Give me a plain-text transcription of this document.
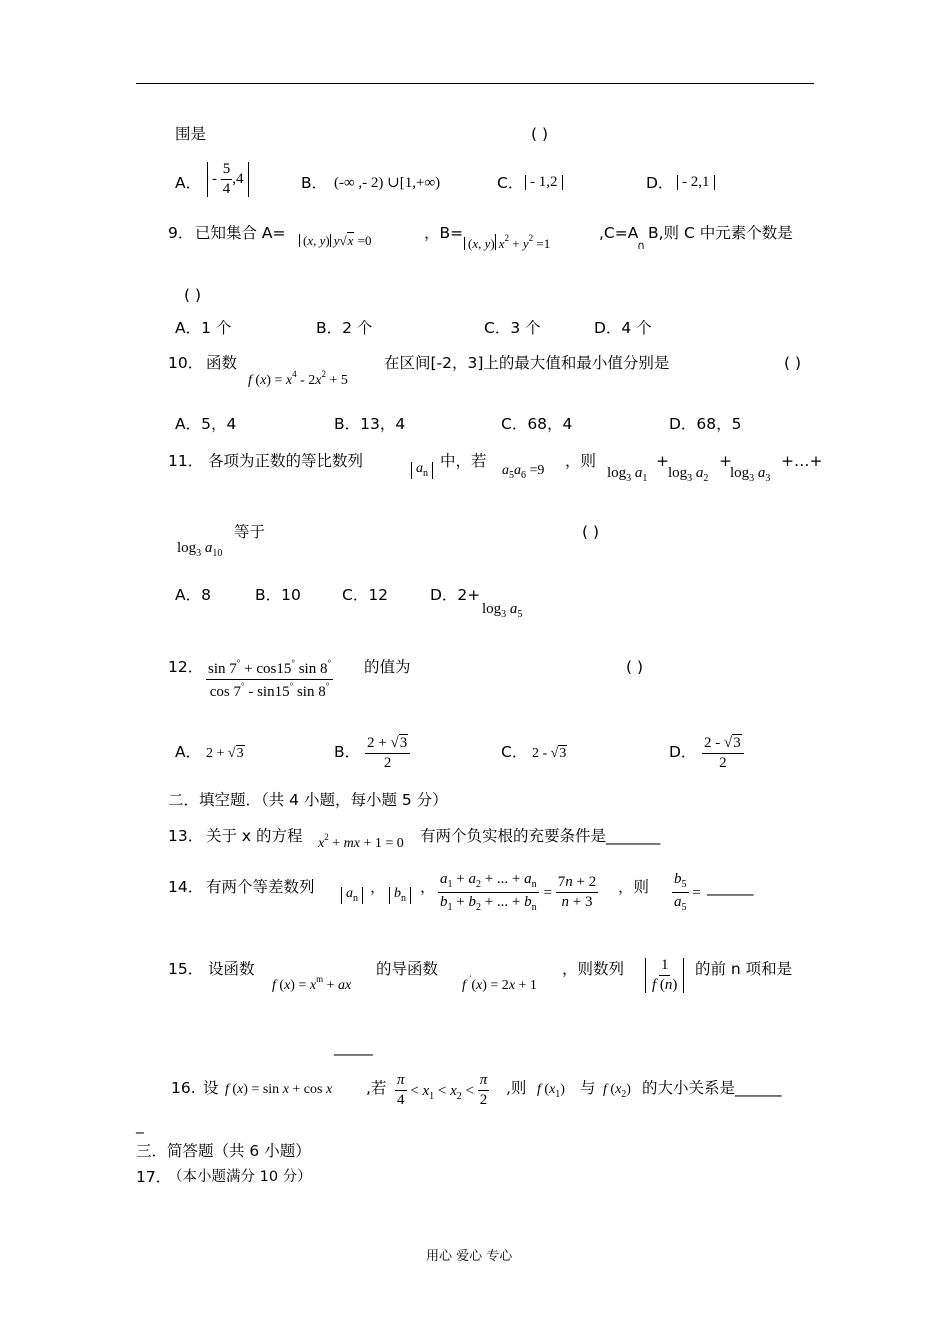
围是	( )
A． - $\frac{5}{4} ,4$	B． (-∞ ,- 2) ∪[1,+∞)	C． - 1,2	D． - 2,1
9． 已知集合 A=	(x, y) y√x =0	，B=
(x, y) $x^2 + y^2 =1$
,C=A
∩
B,则 C 中元素个数是
( )
A．1 个	B．2 个	C．3 个	D．4 个
10． 函数
f $(x) = x^4 - 2x^2 + 5$
在区间[-2，3]上的最大值和最小值分别是	( )
A．5，4	B．13，4	C．68，4	D．68，5
11． 各项为正数的等比数列	$a_n$
中，若
$a_5a_6 =9$
，则
$\log_3 a_1$
+
$\log_3 a_2$
+
$\log_3 a_3$
+…+
$\log_3 a_{10}$
等于	( )
A．8	B．10	C．12	D．2+
$\log_3 a_5$
12． $\frac{\sin 7^\circ + \cos 15^\circ \sin 8^\circ}{\cos 7^\circ - \sin 15^\circ \sin 8^\circ}$ 的值为	( )
A． 2 + √3	B． $\frac{2 + √3}{2}$	C． 2 - √3	D． $\frac{2 - √3}{2}$
二．填空题．（共 4 小题，每小题 5 分）
13． 关于 x 的方程 $x^2$ + mx + 1 = 0 有两个负实根的充要条件是_______
14． 有两个等差数列	$a_n$
， $b_n$
， $\frac{a_1 + a_2 + ... + a_n}{b_1 + b_2 + ... + b_n} = \frac{7n + 2}{n + 3}$ ，则 $\frac{b_5}{a_5}$ = ______
15． 设函数
f $(x) = x^m$ + ax
的导函数
f ′(x) = 2x + 1
，则数列 $\frac{1}{f (n)}$ 的前 n 项和是
_____
16. 设 f (x) = sin x + cos x ,若 $\frac{\pi}{4} < x_1 < x_2 < \frac{\pi}{2}$ ,则 f $(x_1)$ 与 f $(x_2)$ 的大小关系是______
_
三．简答题（共 6 小题）
17．
（本小题满分 10 分）
用心 爱心 专心
